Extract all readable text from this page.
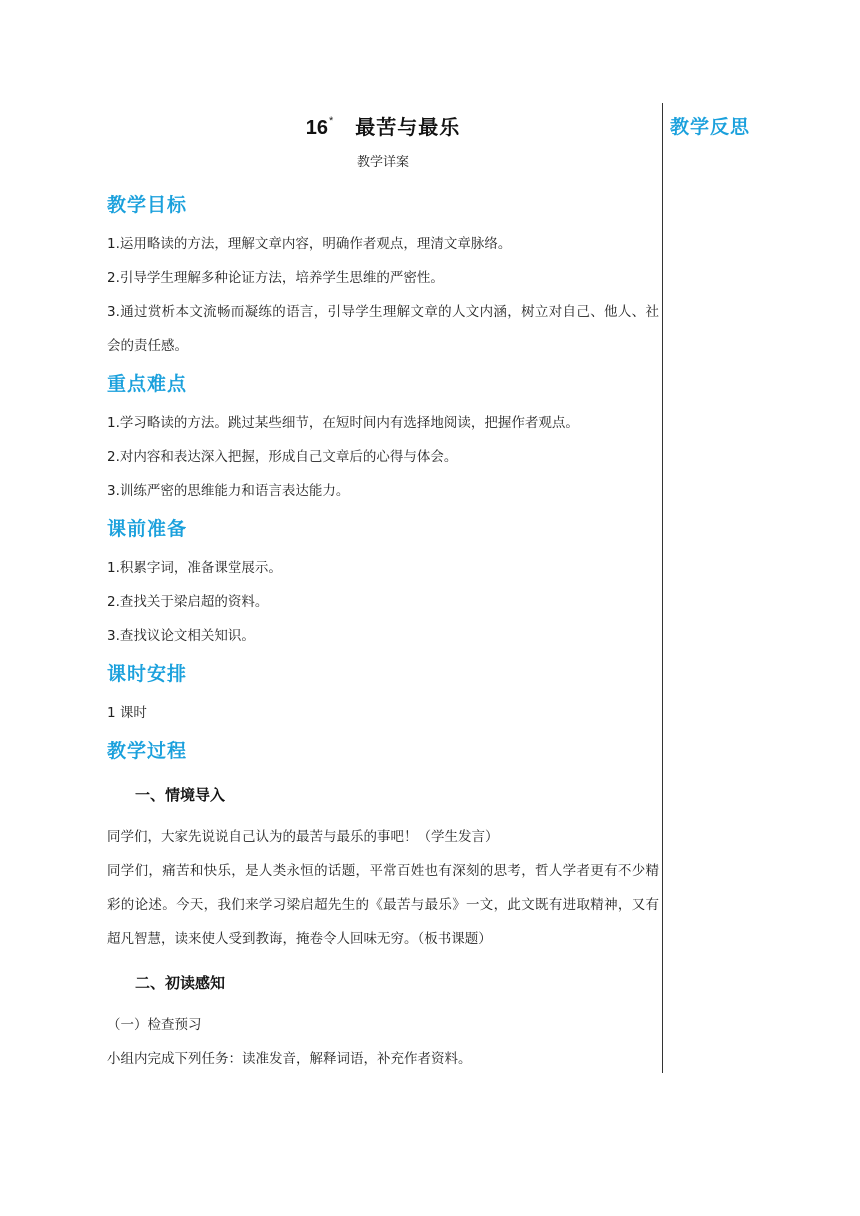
教学反思
16* 最苦与最乐
教学详案
教学目标
1.运用略读的方法，理解文章内容，明确作者观点，理清文章脉络。
2.引导学生理解多种论证方法，培养学生思维的严密性。
3.通过赏析本文流畅而凝练的语言，引导学生理解文章的人文内涵，树立对自己、他人、社会的责任感。
重点难点
1.学习略读的方法。跳过某些细节，在短时间内有选择地阅读，把握作者观点。
2.对内容和表达深入把握，形成自己文章后的心得与体会。
3.训练严密的思维能力和语言表达能力。
课前准备
1.积累字词，准备课堂展示。
2.查找关于梁启超的资料。
3.查找议论文相关知识。
课时安排
1 课时
教学过程
一、情境导入
同学们，大家先说说自己认为的最苦与最乐的事吧！（学生发言）
同学们，痛苦和快乐，是人类永恒的话题，平常百姓也有深刻的思考，哲人学者更有不少精彩的论述。今天，我们来学习梁启超先生的《最苦与最乐》一文，此文既有进取精神，又有超凡智慧，读来使人受到教诲，掩卷令人回味无穷。（板书课题）
二、初读感知
（一）检查预习
小组内完成下列任务：读准发音，解释词语，补充作者资料。
